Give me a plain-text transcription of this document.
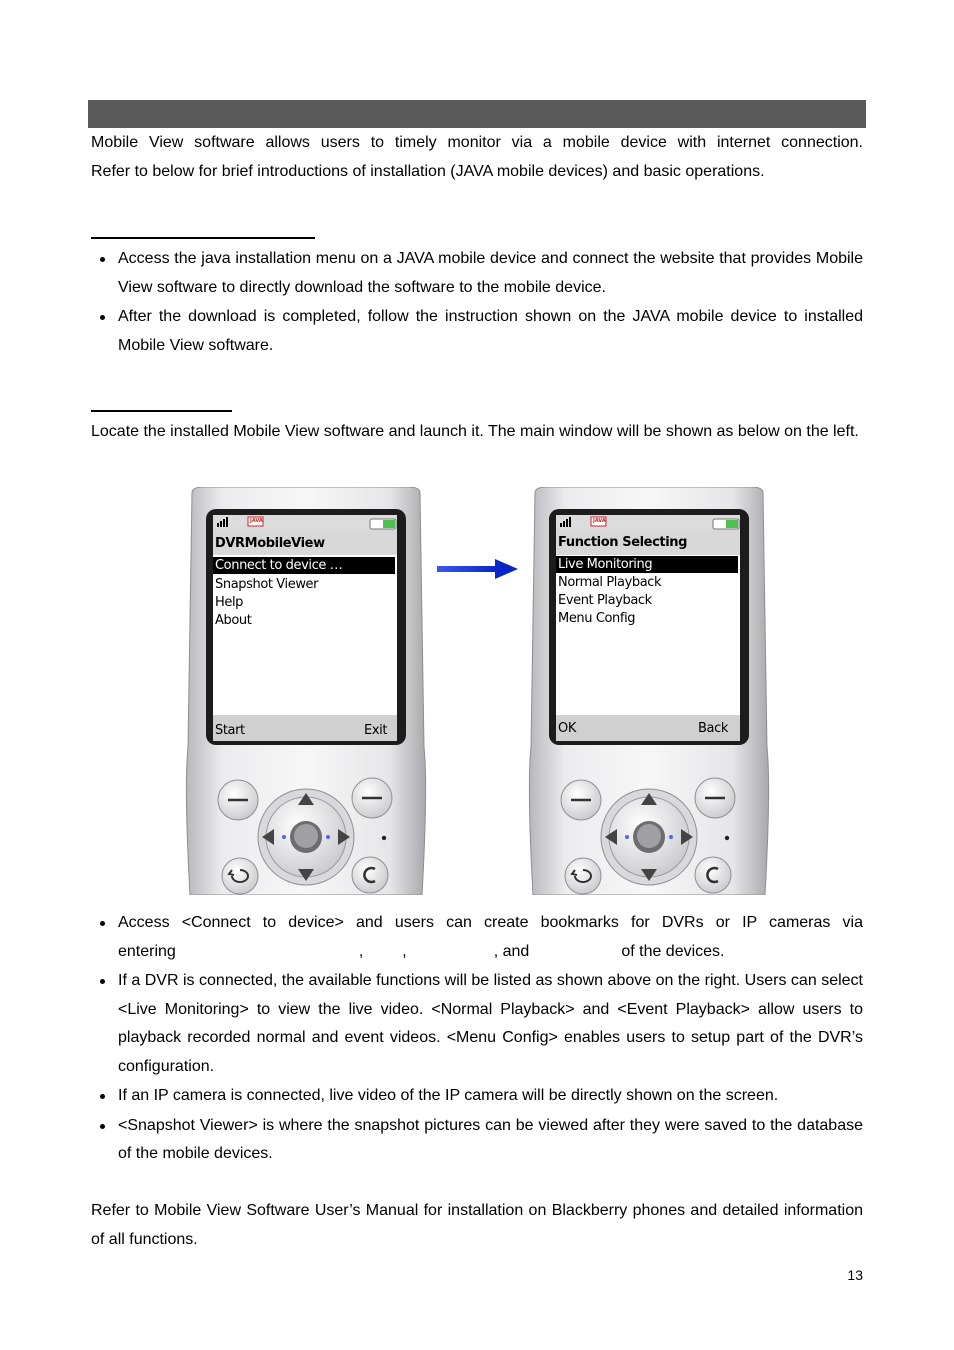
Mobile View software allows users to timely monitor via a mobile device with internet connection.
Refer to below for brief introductions of installation (JAVA mobile devices) and basic operations.
Access the java installation menu on a JAVA mobile device and connect the website that provides Mobile View software to directly download the software to the mobile device.
After the download is completed, follow the instruction shown on the JAVA mobile device to installed Mobile View software.
Locate the installed Mobile View software and launch it. The main window will be shown as below on the left.
JAVA
DVRMobileView
Connect to device …
Snapshot Viewer
Help
About
Start	Exit
JAVA
Function Selecting
Live Monitoring
Normal Playback
Event Playback
Menu Config
OK	Back
Access <Connect to device> and users can create bookmarks for DVRs or IP cameras via
entering	, ,	, and	of the devices.
If a DVR is connected, the available functions will be listed as shown above on the right. Users can select <Live Monitoring> to view the live video. <Normal Playback> and <Event Playback> allow users to playback recorded normal and event videos. <Menu Config> enables users to setup part of the DVR’s configuration.
If an IP camera is connected, live video of the IP camera will be directly shown on the screen.
<Snapshot Viewer> is where the snapshot pictures can be viewed after they were saved to the database of the mobile devices.
Refer to Mobile View Software User’s Manual for installation on Blackberry phones and detailed information of all functions.
13
